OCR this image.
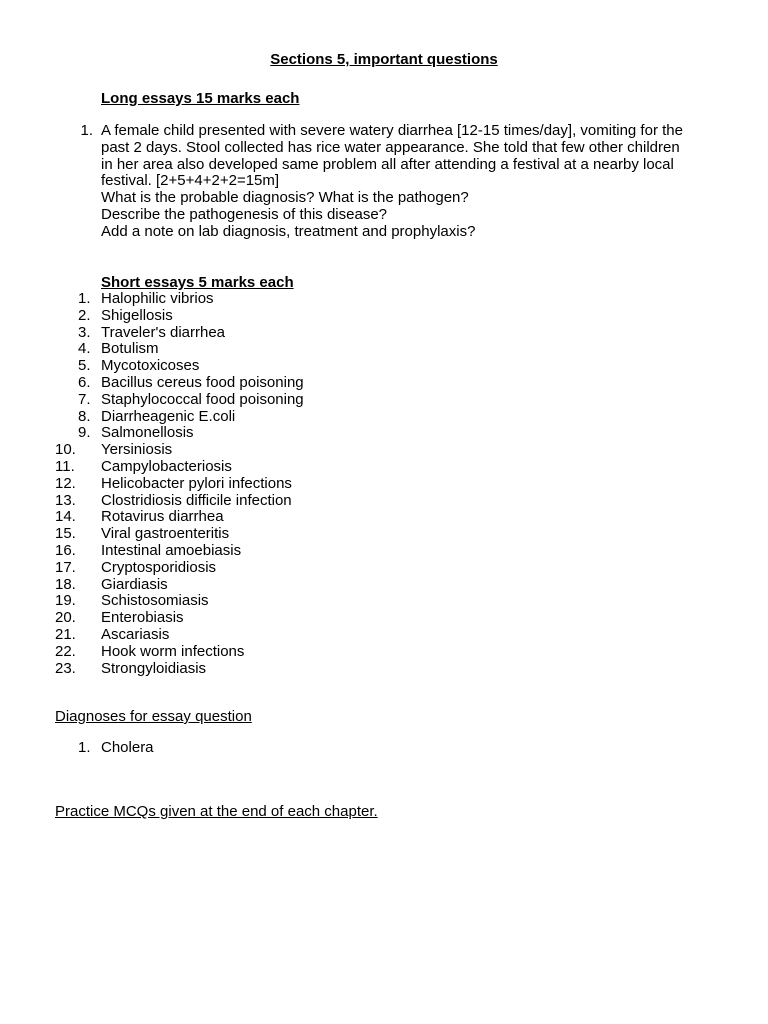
Sections 5, important questions
Long essays 15 marks each
1. A female child presented with severe watery diarrhea [12-15 times/day], vomiting for the
past 2 days. Stool collected has rice water appearance. She told that few other children
in her area also developed same problem all after attending a festival at a nearby local
festival. [2+5+4+2+2=15m]
What is the probable diagnosis? What is the pathogen?
Describe the pathogenesis of this disease?
Add a note on lab diagnosis, treatment and prophylaxis?
Short essays 5 marks each
1. Halophilic vibrios
2. Shigellosis
3. Traveler's diarrhea
4. Botulism
5. Mycotoxicoses
6. Bacillus cereus food poisoning
7. Staphylococcal food poisoning
8. Diarrheagenic E.coli
9. Salmonellosis
10.	Yersiniosis
11.	Campylobacteriosis
12.	Helicobacter pylori infections
13.	Clostridiosis difficile infection
14.	Rotavirus diarrhea
15.	Viral gastroenteritis
16.	Intestinal amoebiasis
17.	Cryptosporidiosis
18.	Giardiasis
19.	Schistosomiasis
20.	Enterobiasis
21.	Ascariasis
22.	Hook worm infections
23.	Strongyloidiasis
Diagnoses for essay question
1. Cholera
Practice MCQs given at the end of each chapter.
